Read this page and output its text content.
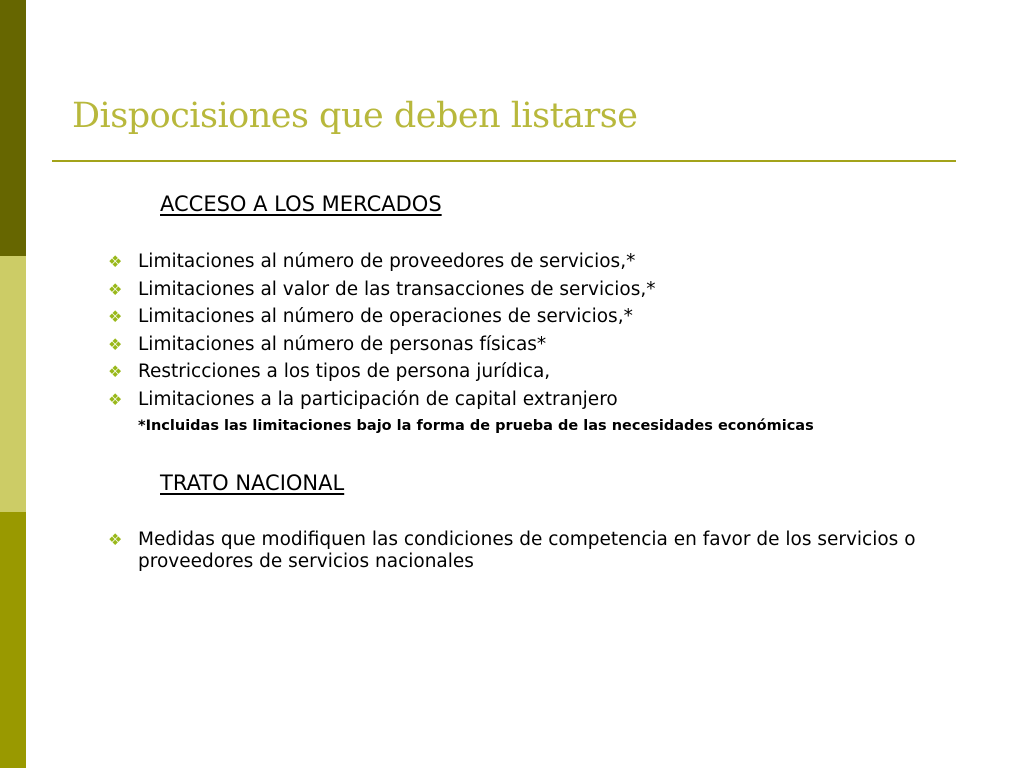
Dispocisiones que deben listarse
ACCESO A LOS MERCADOS
❖ Limitaciones al número de proveedores de servicios,*
❖ Limitaciones al valor de las transacciones de servicios,*
❖ Limitaciones al número de operaciones de servicios,*
❖ Limitaciones al número de personas físicas*
❖ Restricciones a los tipos de persona jurídica,
❖ Limitaciones a la participación de capital extranjero
*Incluidas las limitaciones bajo la forma de prueba de las necesidades económicas
TRATO NACIONAL
❖ Medidas que modifiquen las condiciones de competencia en favor de los servicios o proveedores de servicios nacionales
